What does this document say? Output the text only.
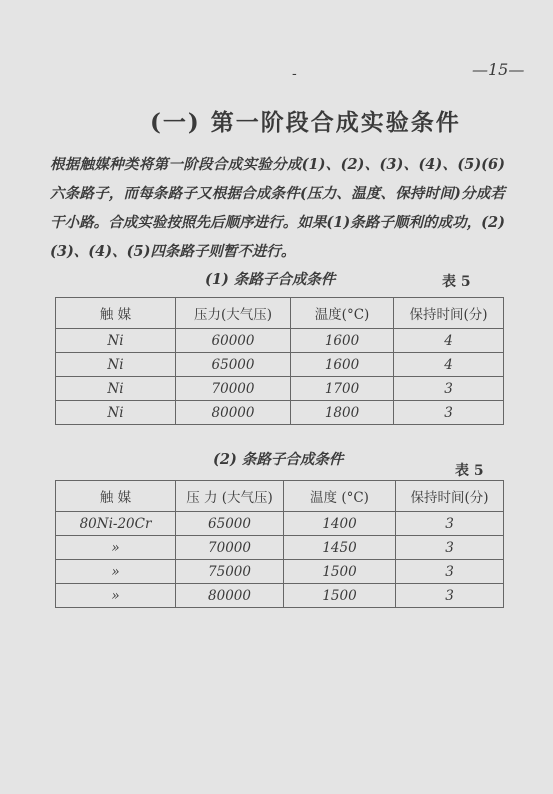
-	—15—
(一) 第一阶段合成实验条件
根据触媒种类将第一阶段合成实验分成(1)、(2)、(3)、(4)、(5)(6)六条路子，而每条路子又根据合成条件(压力、温度、保持时间)分成若干小路。合成实验按照先后顺序进行。如果(1)条路子顺利的成功，(2)(3)、(4)、(5)四条路子则暂不进行。
(1) 条路子合成条件	表 5
触 媒	压力(大气压)	温度(°C)	保持时间(分)
Ni	60000	1600	4
Ni	65000	1600	4
Ni	70000	1700	3
Ni	80000	1800	3
(2) 条路子合成条件
表 5
触 媒	压 力 (大气压)	温度 (°C)	保持时间(分)
80Ni-20Cr	65000	1400	3
»	70000	1450	3
»	75000	1500	3
»	80000	1500	3
